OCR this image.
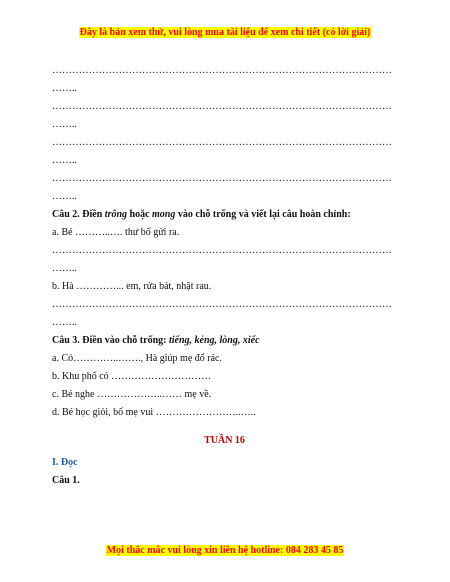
Đây là bản xem thử, vui lòng mua tài liệu để xem chi tiết (có lời giải)
…………………………………………………………………………………………
……..
…………………………………………………………………………………………
……..
…………………………………………………………………………………………
……..
…………………………………………………………………………………………
……..
Câu 2. Điền trông hoặc mong vào chỗ trống và viết lại câu hoàn chỉnh:
a. Bé ………..…. thư bố gửi ra.
…………………………………………………………………………………………
……..
b. Hà …………... em, rửa bát, nhặt rau.
…………………………………………………………………………………………
……..
Câu 3. Điền vào chỗ trống: tiếng, kẻng, lòng, xiếc
a. Có…………..……., Hà giúp mẹ đổ rác.
b. Khu phố có …………………………
c. Bé nghe ………………..…… mẹ về.
d. Bé học giỏi, bố mẹ vui ……………………..…..
TUẦN 16
I. Đọc
Câu 1.
Mọi thắc mắc vui lòng xin liên hệ hotline: 084 283 45 85
